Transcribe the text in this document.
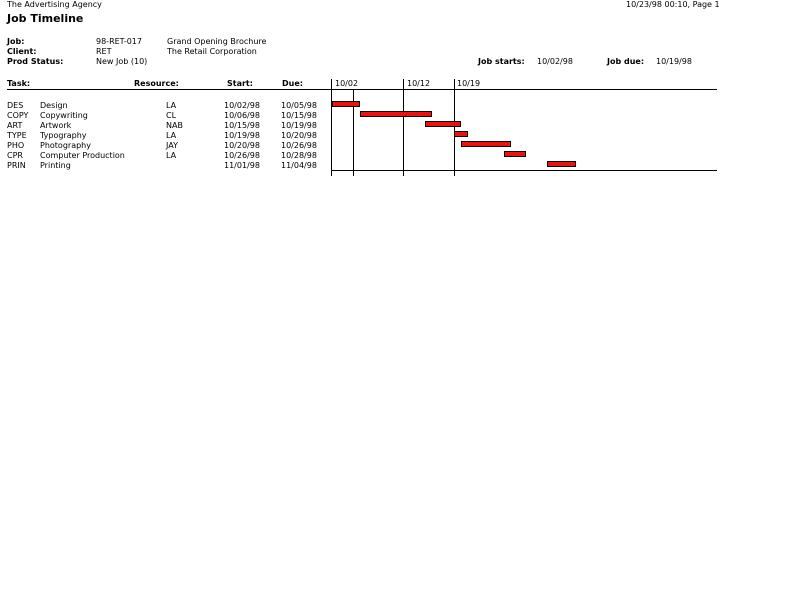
The Advertising Agency
Job Timeline
10/23/98 00:10, Page 1
Job:	98-RET-017	Grand Opening Brochure
Client:	RET	The Retail Corporation
Prod Status:	New Job (10)	Job starts: 10/02/98	Job due: 10/19/98
Task:	Resource:	Start:	Due:	10/02	10/12	10/19
DES Design	LA	10/02/98	10/05/98
COPY Copywriting	CL	10/06/98	10/15/98
ART Artwork	NAB	10/15/98	10/19/98
TYPE Typography	LA	10/19/98	10/20/98
PHO Photography	JAY	10/20/98	10/26/98
CPR Computer Production	LA	10/26/98	10/28/98
PRIN Printing	11/01/98	11/04/98
